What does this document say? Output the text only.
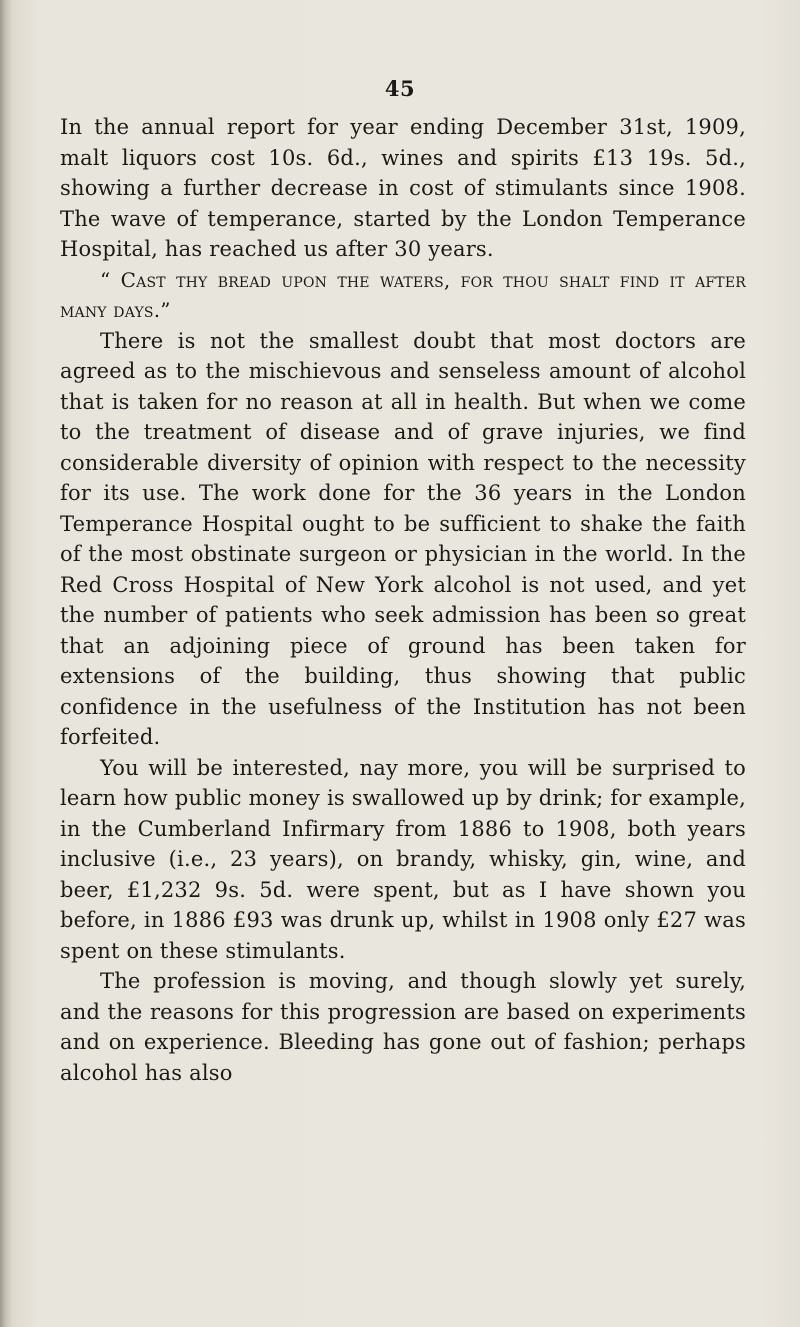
45

In the annual report for year ending December 31st, 1909, malt liquors cost 10s. 6d., wines and spirits £13 19s. 5d., showing a further decrease in cost of stimulants since 1908. The wave of temperance, started by the London Temperance Hospital, has reached us after 30 years.

“ Cast thy bread upon the waters, for thou shalt find it after many days.”

There is not the smallest doubt that most doctors are agreed as to the mischievous and senseless amount of alcohol that is taken for no reason at all in health. But when we come to the treatment of disease and of grave injuries, we find considerable diversity of opinion with respect to the necessity for its use. The work done for the 36 years in the London Temperance Hospital ought to be sufficient to shake the faith of the most obstinate surgeon or physician in the world. In the Red Cross Hospital of New York alcohol is not used, and yet the number of patients who seek admission has been so great that an adjoining piece of ground has been taken for extensions of the building, thus showing that public confidence in the usefulness of the Institution has not been forfeited.

You will be interested, nay more, you will be surprised to learn how public money is swallowed up by drink; for example, in the Cumberland Infirmary from 1886 to 1908, both years inclusive (i.e., 23 years), on brandy, whisky, gin, wine, and beer, £1,232 9s. 5d. were spent, but as I have shown you before, in 1886 £93 was drunk up, whilst in 1908 only £27 was spent on these stimulants.

The profession is moving, and though slowly yet surely, and the reasons for this progression are based on experiments and on experience. Bleeding has gone out of fashion; perhaps alcohol has also
